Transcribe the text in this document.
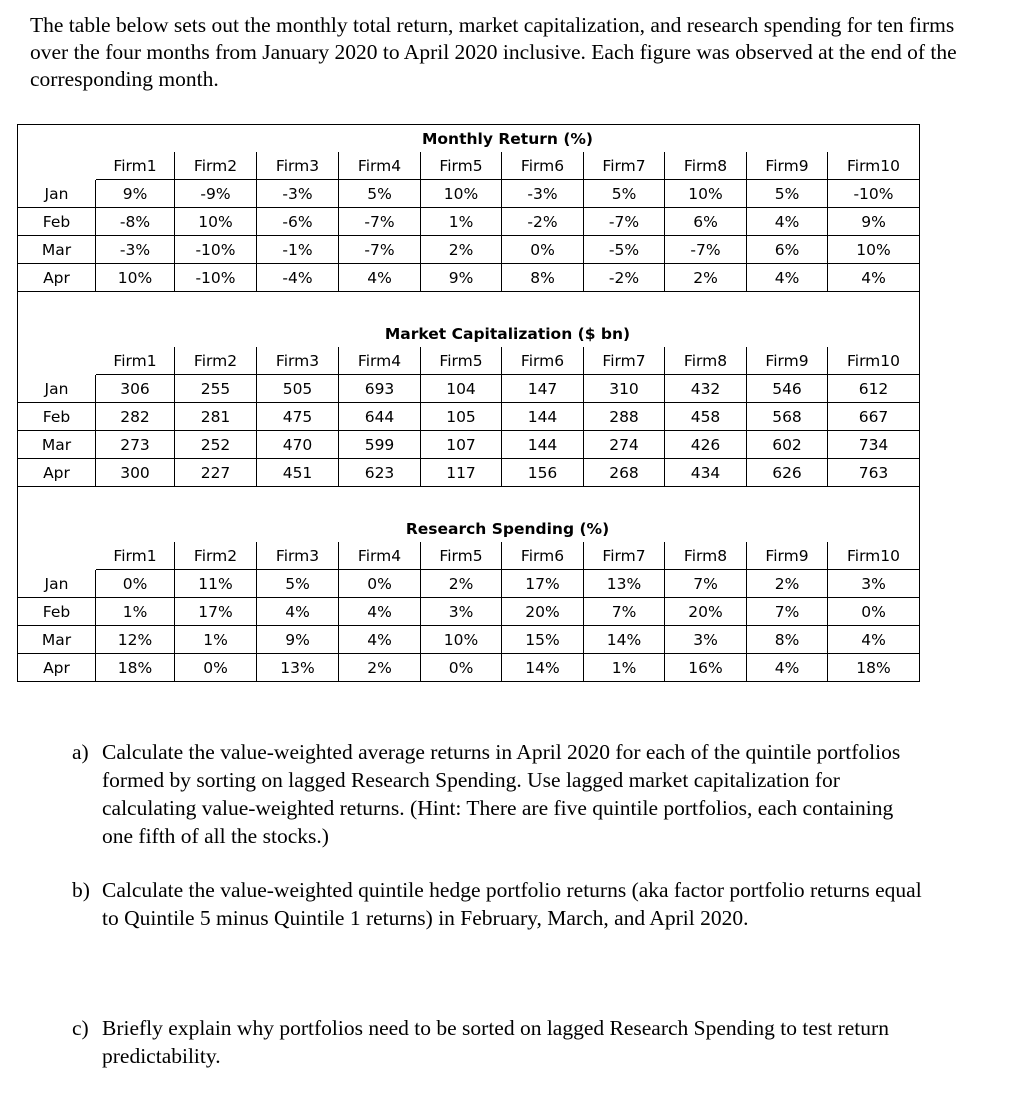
The table below sets out the monthly total return, market capitalization, and research spending for ten firms over the four months from January 2020 to April 2020 inclusive. Each figure was observed at the end of the corresponding month.
	Monthly Return (%)									
	Firm1	Firm2	Firm3	Firm4	Firm5	Firm6	Firm7	Firm8	Firm9	Firm10
Jan	9%	-9%	-3%	5%	10%	-3%	5%	10%	5%	-10%
Feb	-8%	10%	-6%	-7%	1%	-2%	-7%	6%	4%	9%
Mar	-3%	-10%	-1%	-7%	2%	0%	-5%	-7%	6%	10%
Apr	10%	-10%	-4%	4%	9%	8%	-2%	2%	4%	4%

	Market Capitalization ($ bn)									
	Firm1	Firm2	Firm3	Firm4	Firm5	Firm6	Firm7	Firm8	Firm9	Firm10
Jan	306	255	505	693	104	147	310	432	546	612
Feb	282	281	475	644	105	144	288	458	568	667
Mar	273	252	470	599	107	144	274	426	602	734
Apr	300	227	451	623	117	156	268	434	626	763

	Research Spending (%)									
	Firm1	Firm2	Firm3	Firm4	Firm5	Firm6	Firm7	Firm8	Firm9	Firm10
Jan	0%	11%	5%	0%	2%	17%	13%	7%	2%	3%
Feb	1%	17%	4%	4%	3%	20%	7%	20%	7%	0%
Mar	12%	1%	9%	4%	10%	15%	14%	3%	8%	4%
Apr	18%	0%	13%	2%	0%	14%	1%	16%	4%	18%
a) Calculate the value-weighted average returns in April 2020 for each of the quintile portfolios formed by sorting on lagged Research Spending. Use lagged market capitalization for calculating value-weighted returns. (Hint: There are five quintile portfolios, each containing one fifth of all the stocks.)
b) Calculate the value-weighted quintile hedge portfolio returns (aka factor portfolio returns equal to Quintile 5 minus Quintile 1 returns) in February, March, and April 2020.
c) Briefly explain why portfolios need to be sorted on lagged Research Spending to test return predictability.
